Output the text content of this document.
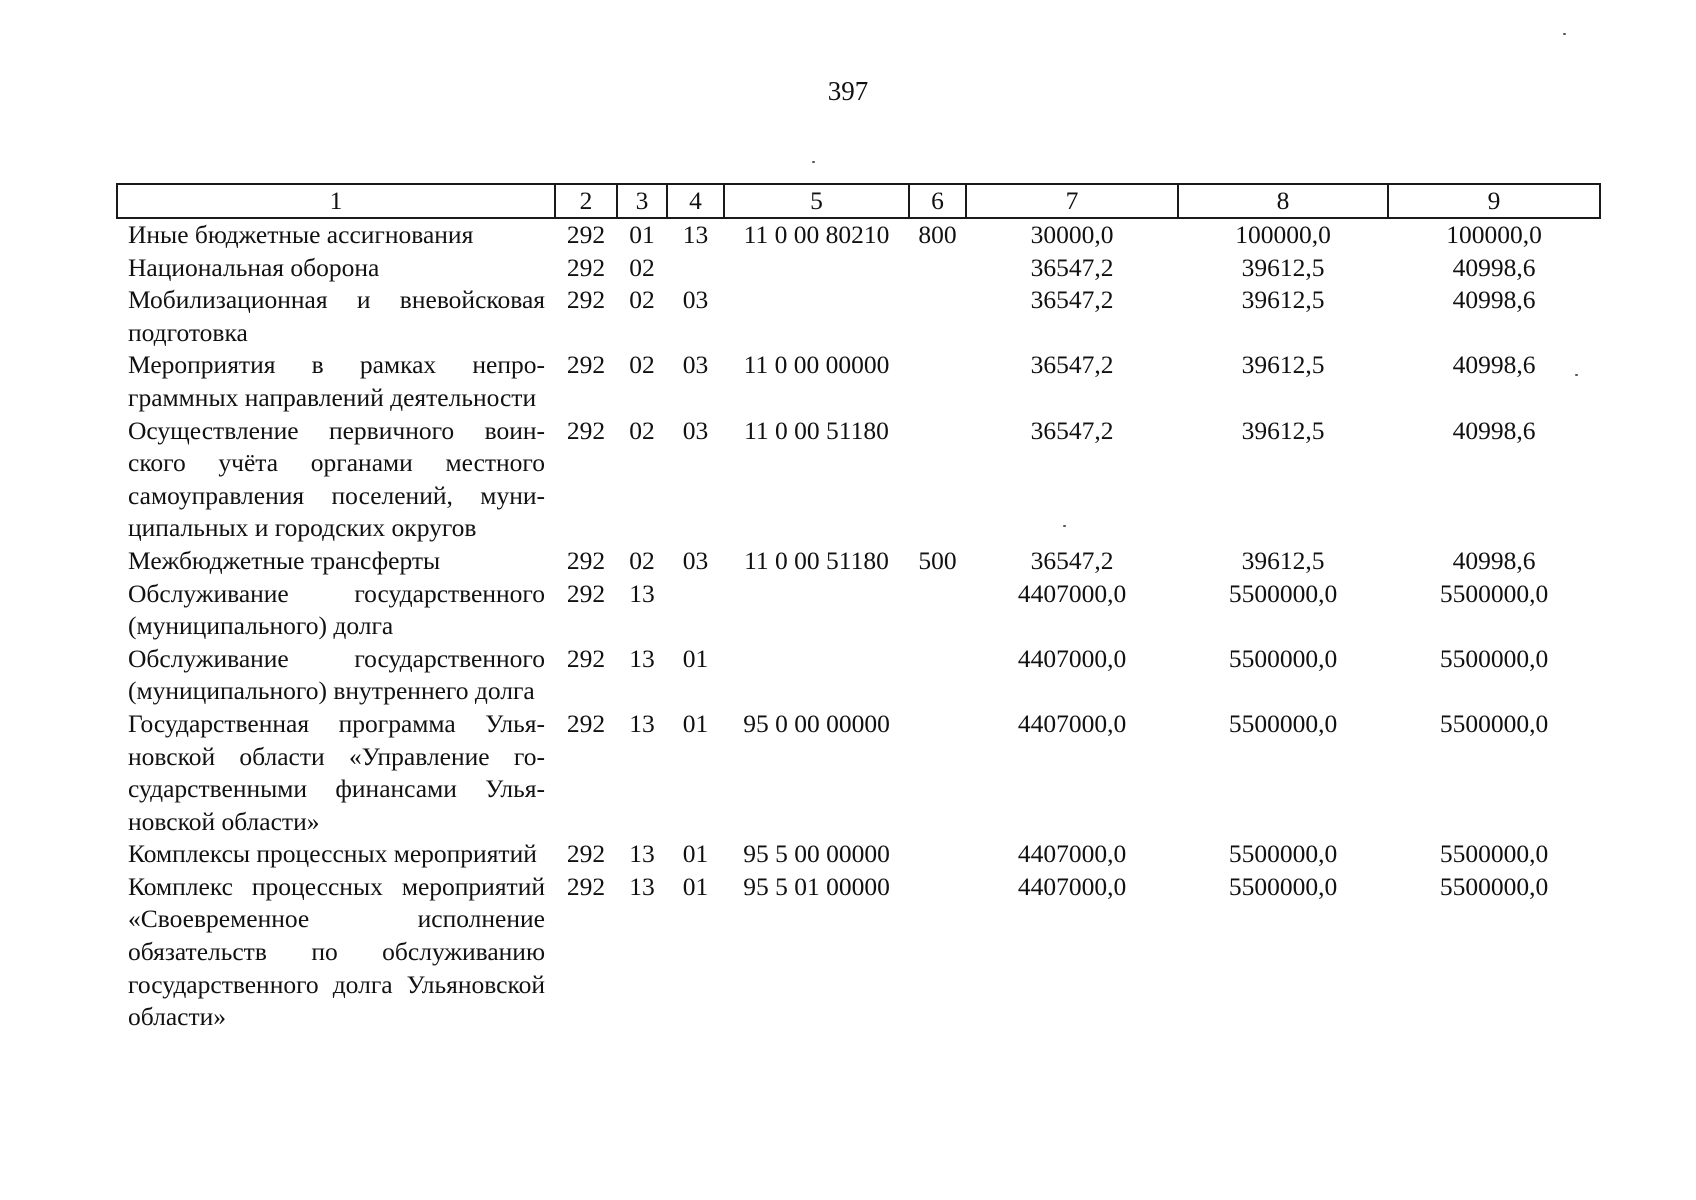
397
1	2	3	4	5	6	7	8	9
Иные бюджетные ассигнования	292	01	13	11 0 00 80210	800	30000,0	100000,0	100000,0
Национальная оборона	292	02				36547,2	39612,5	40998,6
Мобилизационная и вневойсковая подготовка	292	02	03			36547,2	39612,5	40998,6
Мероприятия в рамках непрограммных направлений деятельности	292	02	03	11 0 00 00000		36547,2	39612,5	40998,6
Осуществление первичного воинского учёта органами местного самоуправления поселений, муниципальных и городских округов	292	02	03	11 0 00 51180		36547,2	39612,5	40998,6
Межбюджетные трансферты	292	02	03	11 0 00 51180	500	36547,2	39612,5	40998,6
Обслуживание государственного (муниципального) долга	292	13				4407000,0	5500000,0	5500000,0
Обслуживание государственного (муниципального) внутреннего долга	292	13	01			4407000,0	5500000,0	5500000,0
Государственная программа Ульяновской области «Управление государственными финансами Ульяновской области»	292	13	01	95 0 00 00000		4407000,0	5500000,0	5500000,0
Комплексы процессных мероприятий	292	13	01	95 5 00 00000		4407000,0	5500000,0	5500000,0
Комплекс процессных мероприятий «Своевременное исполнение обязательств по обслуживанию государственного долга Ульяновской области»	292	13	01	95 5 01 00000		4407000,0	5500000,0	5500000,0
